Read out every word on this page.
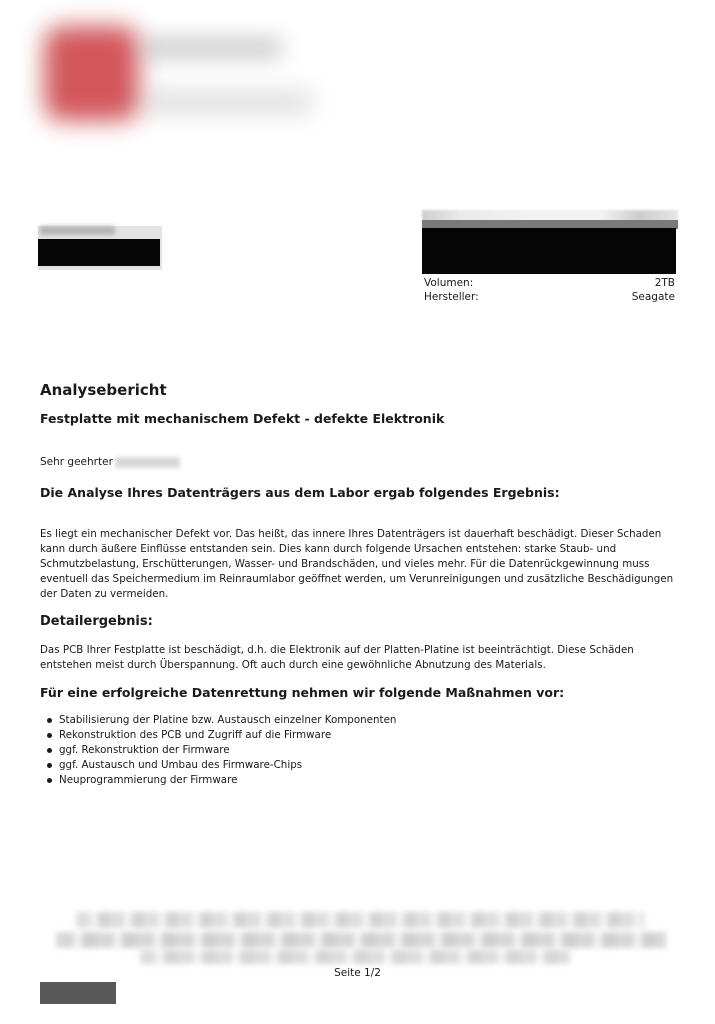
Volumen:	2TB
Hersteller:	Seagate
Analysebericht
Festplatte mit mechanischem Defekt - defekte Elektronik
Sehr geehrter
Die Analyse Ihres Datenträgers aus dem Labor ergab folgendes Ergebnis:
Es liegt ein mechanischer Defekt vor. Das heißt, das innere Ihres Datenträgers ist dauerhaft beschädigt. Dieser Schaden
kann durch äußere Einflüsse entstanden sein. Dies kann durch folgende Ursachen entstehen: starke Staub- und
Schmutzbelastung, Erschütterungen, Wasser- und Brandschäden, und vieles mehr. Für die Datenrückgewinnung muss
eventuell das Speichermedium im Reinraumlabor geöffnet werden, um Verunreinigungen und zusätzliche Beschädigungen
der Daten zu vermeiden.
Detailergebnis:
Das PCB Ihrer Festplatte ist beschädigt, d.h. die Elektronik auf der Platten-Platine ist beeinträchtigt. Diese Schäden
entstehen meist durch Überspannung. Oft auch durch eine gewöhnliche Abnutzung des Materials.
Für eine erfolgreiche Datenrettung nehmen wir folgende Maßnahmen vor:
Stabilisierung der Platine bzw. Austausch einzelner Komponenten
Rekonstruktion des PCB und Zugriff auf die Firmware
ggf. Rekonstruktion der Firmware
ggf. Austausch und Umbau des Firmware-Chips
Neuprogrammierung der Firmware
Seite 1/2
